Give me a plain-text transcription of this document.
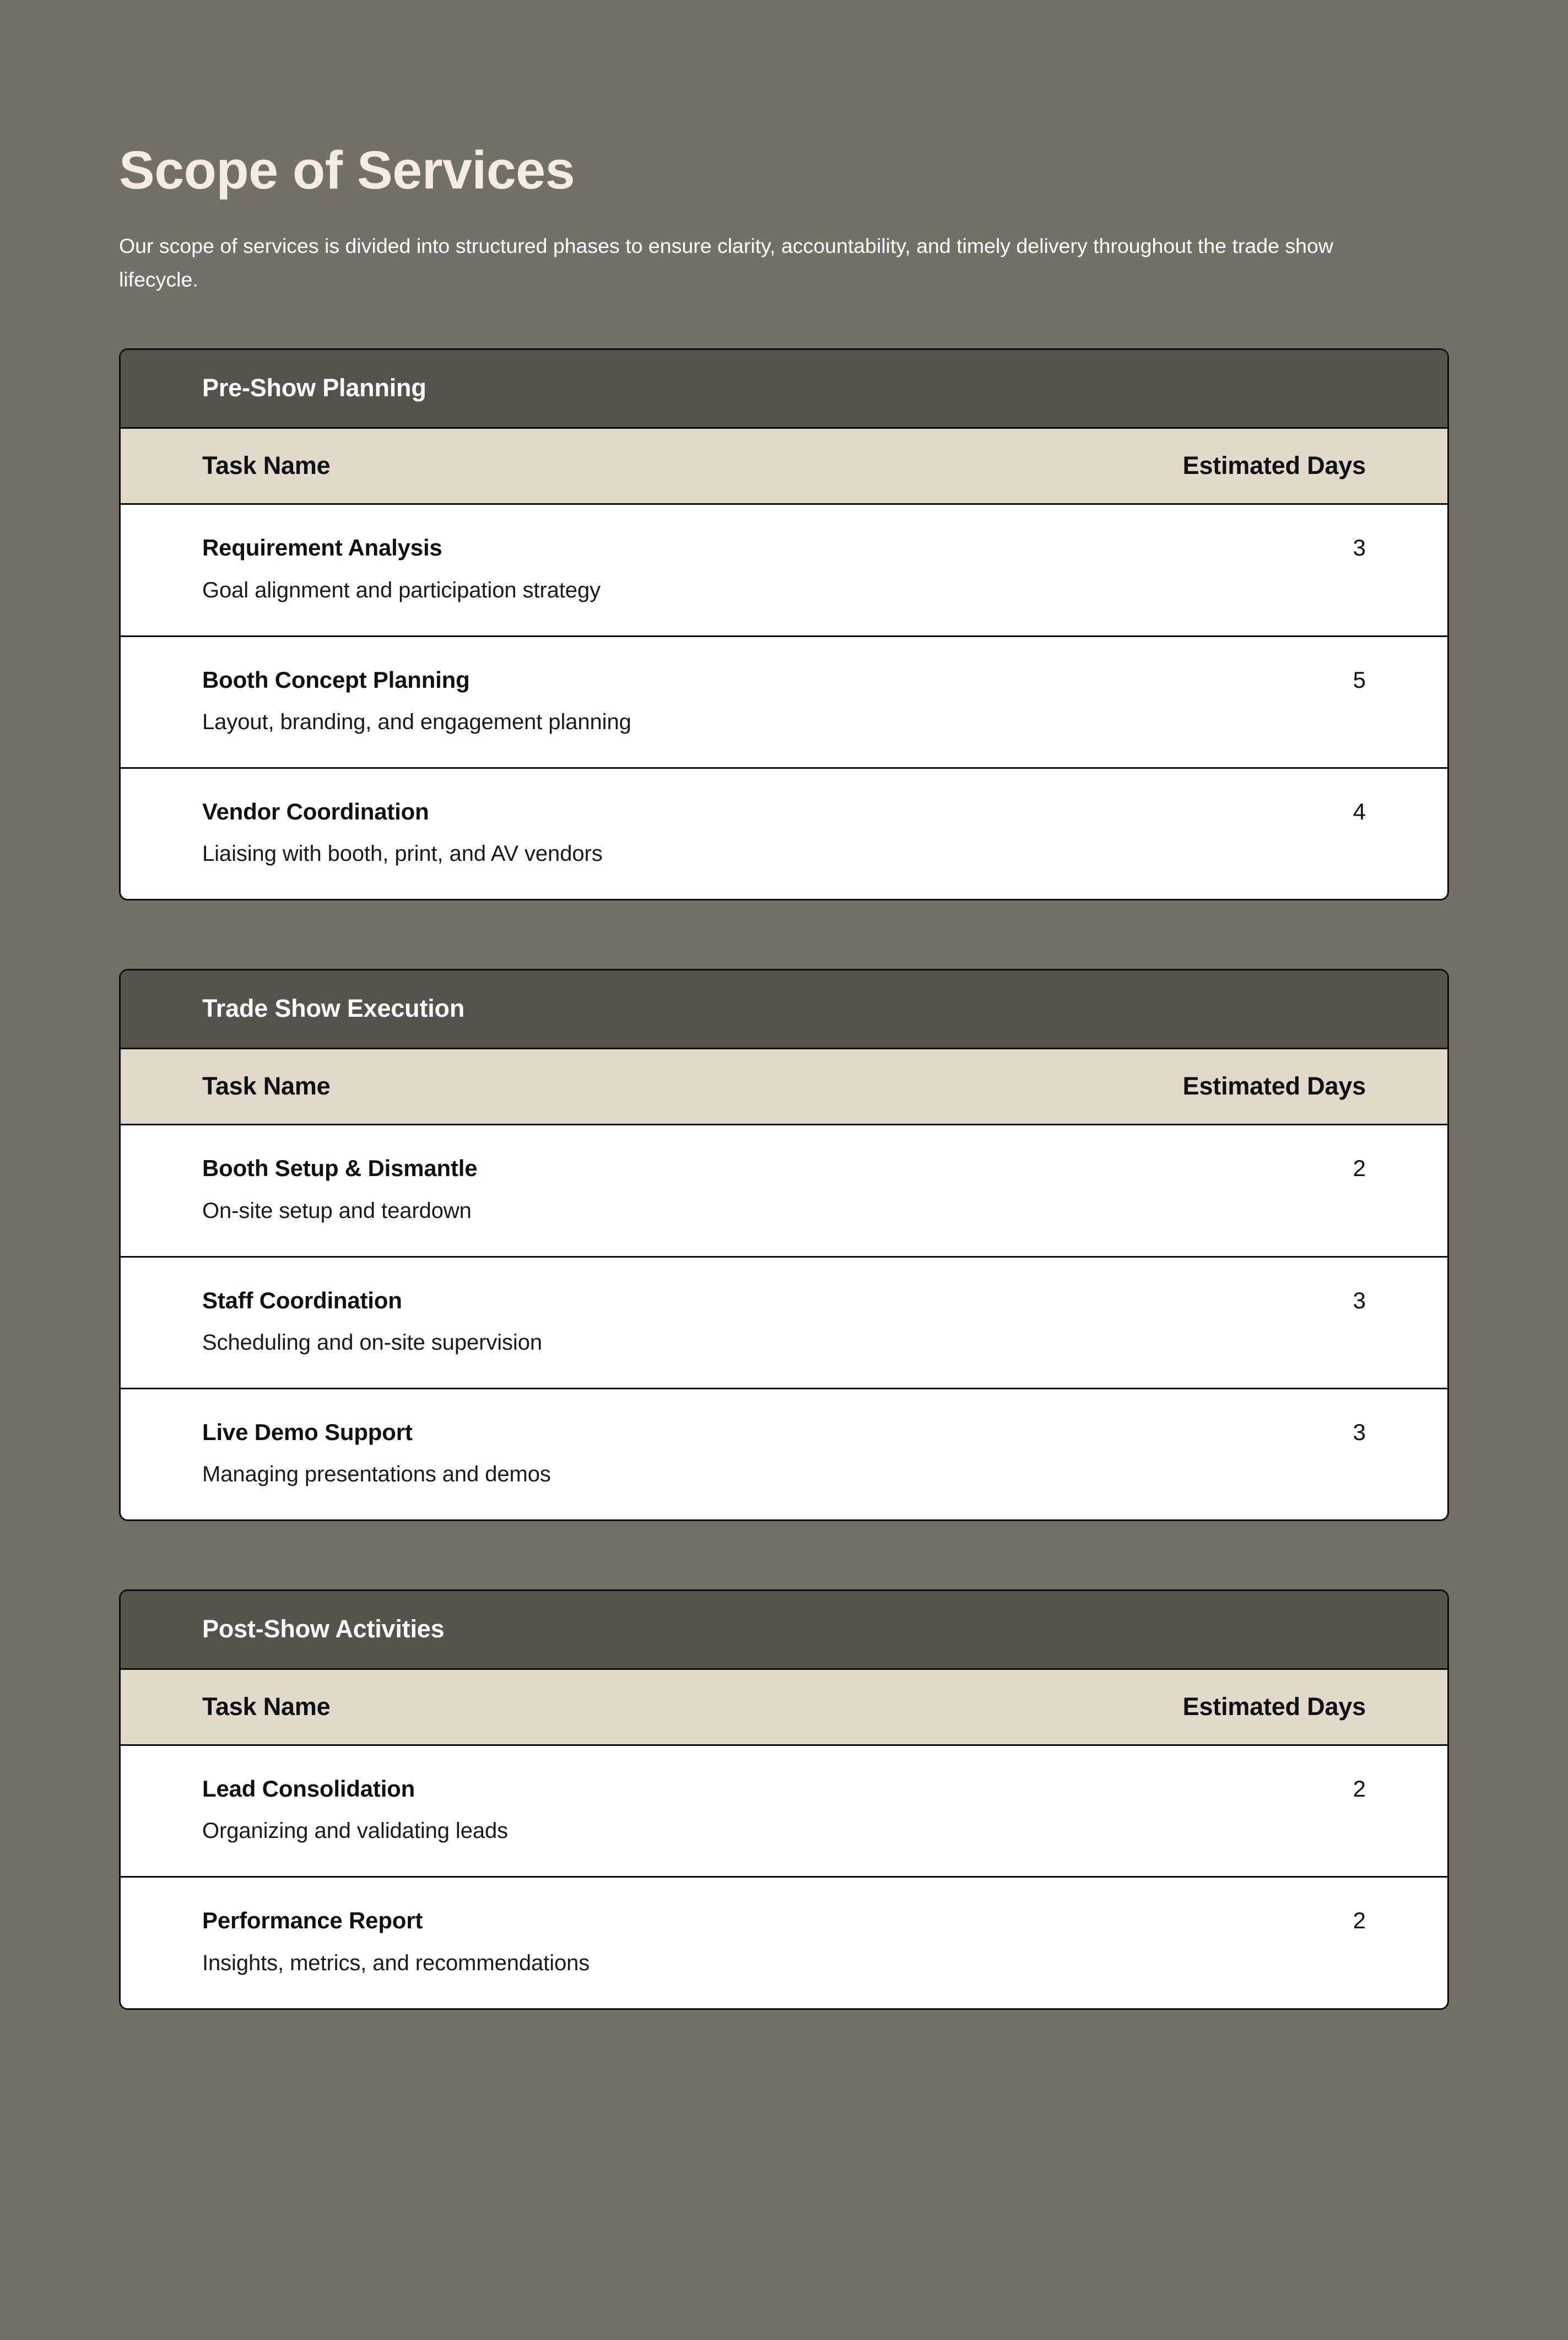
Scope of Services

Our scope of services is divided into structured phases to ensure clarity, accountability, and timely delivery throughout the trade show lifecycle.

Pre-Show Planning
Task Name	Estimated Days
Requirement Analysis	3
Goal alignment and participation strategy
Booth Concept Planning	5
Layout, branding, and engagement planning
Vendor Coordination	4
Liaising with booth, print, and AV vendors
Trade Show Execution
Task Name	Estimated Days
Booth Setup & Dismantle	2
On-site setup and teardown
Staff Coordination	3
Scheduling and on-site supervision
Live Demo Support	3
Managing presentations and demos
Post-Show Activities
Task Name	Estimated Days
Lead Consolidation	2
Organizing and validating leads
Performance Report	2
Insights, metrics, and recommendations
